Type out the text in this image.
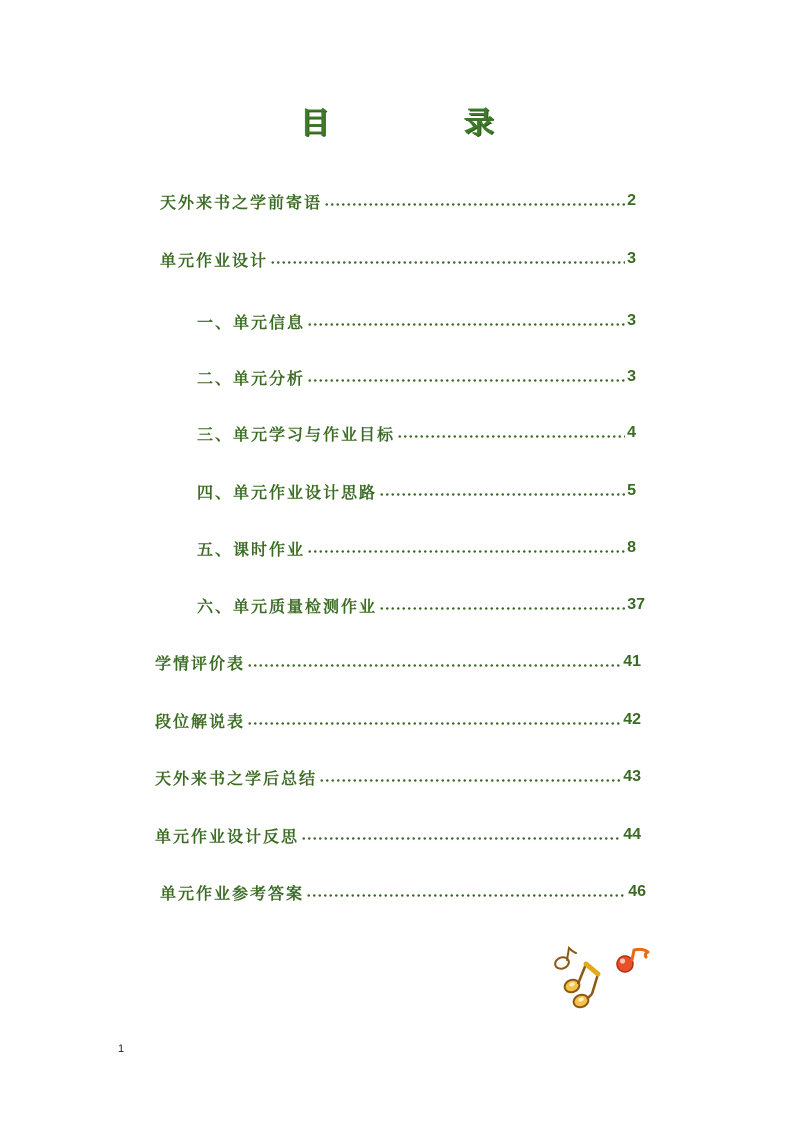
目　录
天外来书之学前寄语	2
单元作业设计	3
一、单元信息	3
二、单元分析	3
三、单元学习与作业目标	4
四、单元作业设计思路	5
五、课时作业	8
六、单元质量检测作业	37
学情评价表	41
段位解说表	42
天外来书之学后总结	43
单元作业设计反思	44
单元作业参考答案	46
1
